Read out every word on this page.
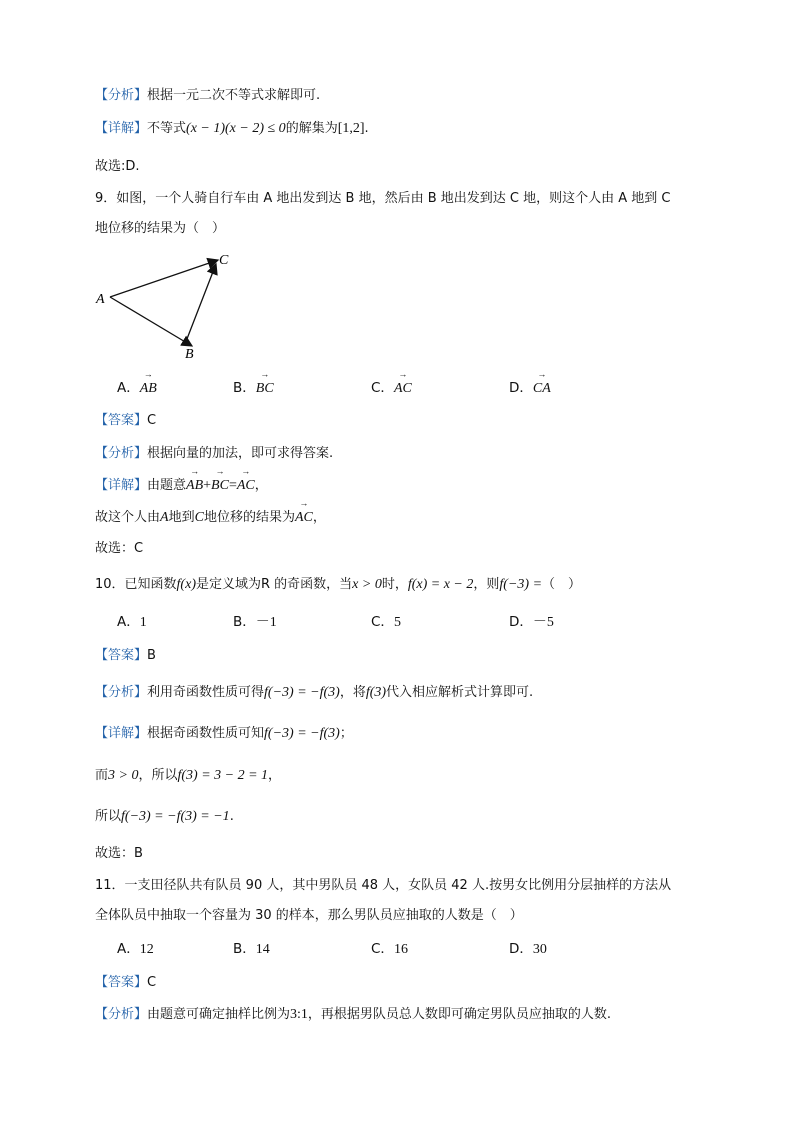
【分析】根据一元二次不等式求解即可.
【详解】不等式(x − 1)(x − 2) ≤ 0的解集为[1,2].
故选:D.
9．如图，一个人骑自行车由 A 地出发到达 B 地，然后由 B 地出发到达 C 地，则这个人由 A 地到 C
地位移的结果为（　）
A
B
C
A．
→
AB	B．
→
BC	C．
→
AC	D．
→
CA
【答案】C
【分析】根据向量的加法，即可求得答案.
【详解】由题意
→
AB+
→
BC=
→
AC，
故这个人由A地到C地位移的结果为
→
AC，
故选：C
10．已知函数f(x)是定义域为R 的奇函数，当x > 0时，f(x) = x − 2，则f(−3) =（　）
A．1	B．－1	C．5	D．－5
【答案】B
【分析】利用奇函数性质可得f(−3) = −f(3)，将f(3)代入相应解析式计算即可.
【详解】根据奇函数性质可知f(−3) = −f(3)；
而3 > 0，所以f(3) = 3 − 2 = 1，
所以f(−3) = −f(3) = −1.
故选：B
11．一支田径队共有队员 90 人，其中男队员 48 人，女队员 42 人.按男女比例用分层抽样的方法从
全体队员中抽取一个容量为 30 的样本，那么男队员应抽取的人数是（　）
A．12	B．14	C．16	D．30
【答案】C
【分析】由题意可确定抽样比例为3:1，再根据男队员总人数即可确定男队员应抽取的人数.
